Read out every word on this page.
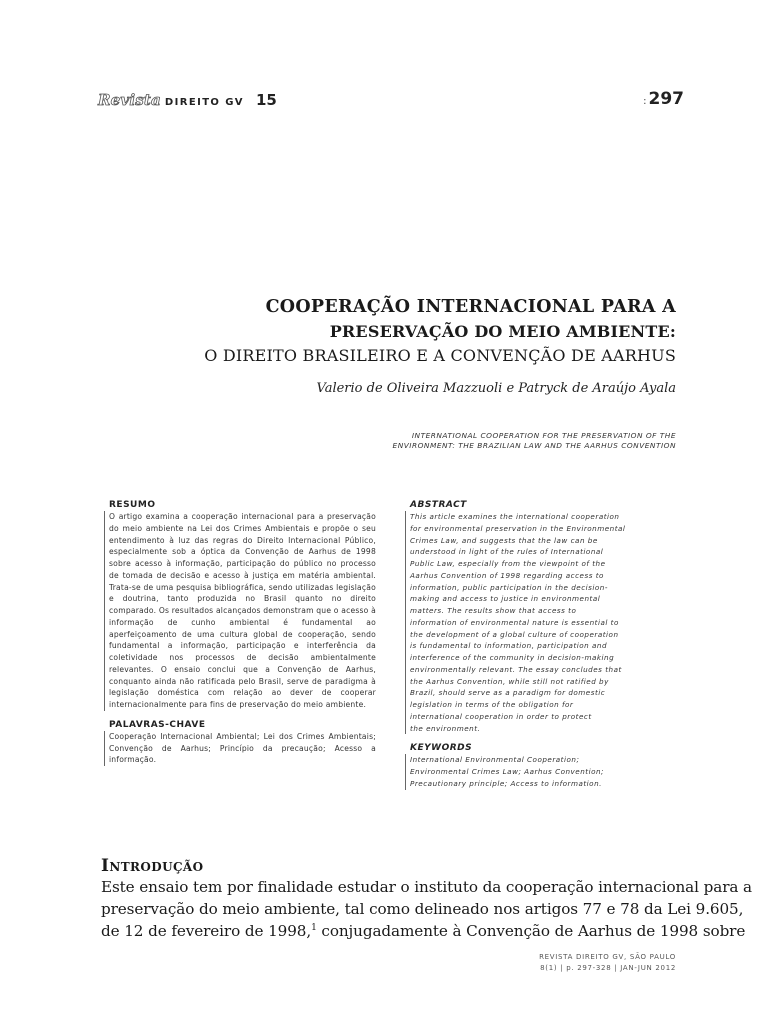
Revista DIREITO GV 15	: 297
COOPERAÇÃO INTERNACIONAL PARA A
PRESERVAÇÃO DO MEIO AMBIENTE:
O DIREITO BRASILEIRO E A CONVENÇÃO DE AARHUS
Valerio de Oliveira Mazzuoli e Patryck de Araújo Ayala
INTERNATIONAL COOPERATION FOR THE PRESERVATION OF THE
ENVIRONMENT: THE BRAZILIAN LAW AND THE AARHUS CONVENTION
RESUMO
O artigo examina a cooperação internacional para a preservação do meio ambiente na Lei dos Crimes Ambientais e propõe o seu entendimento à luz das regras do Direito Internacional Público, especialmente sob a óptica da Convenção de Aarhus de 1998 sobre acesso à informação, participação do público no processo de tomada de decisão e acesso à justiça em matéria ambiental. Trata-se de uma pesquisa bibliográfica, sendo utilizadas legislação e doutrina, tanto produzida no Brasil quanto no direito comparado. Os resultados alcançados demonstram que o acesso à informação de cunho ambiental é fundamental ao aperfeiçoamento de uma cultura global de cooperação, sendo fundamental a informação, participação e interferência da coletividade nos processos de decisão ambientalmente relevantes. O ensaio conclui que a Convenção de Aarhus, conquanto ainda não ratificada pelo Brasil, serve de paradigma à legislação doméstica com relação ao dever de cooperar internacionalmente para fins de preservação do meio ambiente.
PALAVRAS-CHAVE
Cooperação Internacional Ambiental; Lei dos Crimes Ambientais; Convenção de Aarhus; Princípio da precaução; Acesso a informação.
ABSTRACT
This article examines the international cooperation
for environmental preservation in the Environmental
Crimes Law, and suggests that the law can be
understood in light of the rules of International
Public Law, especially from the viewpoint of the
Aarhus Convention of 1998 regarding access to
information, public participation in the decision-
making and access to justice in environmental
matters. The results show that access to
information of environmental nature is essential to
the development of a global culture of cooperation
is fundamental to information, participation and
interference of the community in decision-making
environmentally relevant. The essay concludes that
the Aarhus Convention, while still not ratified by
Brazil, should serve as a paradigm for domestic
legislation in terms of the obligation for
international cooperation in order to protect
the environment.
KEYWORDS
International Environmental Cooperation;
Environmental Crimes Law; Aarhus Convention;
Precautionary principle; Access to information.
Introdução
Este ensaio tem por finalidade estudar o instituto da cooperação internacional para a
preservação do meio ambiente, tal como delineado nos artigos 77 e 78 da Lei 9.605,
de 12 de fevereiro de 1998,$^1$ conjugadamente à Convenção de Aarhus de 1998 sobre
REVISTA DIREITO GV, SÃO PAULO
8(1) | p. 297-328 | JAN-JUN 2012
